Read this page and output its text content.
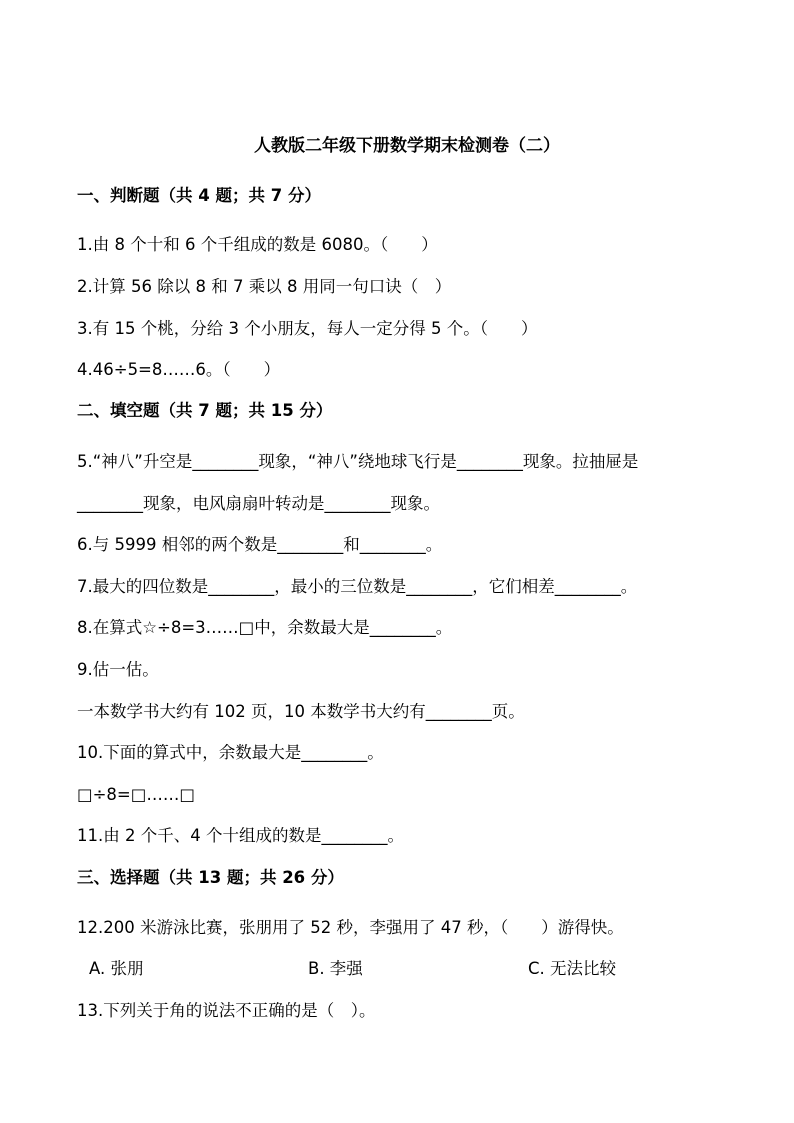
人教版二年级下册数学期末检测卷（二）
一、判断题（共 4 题；共 7 分）
1.由 8 个十和 6 个千组成的数是 6080。（　　）
2.计算 56 除以 8 和 7 乘以 8 用同一句口诀（　）
3.有 15 个桃，分给 3 个小朋友，每人一定分得 5 个。（　　）
4.46÷5=8……6。（　　）
二、填空题（共 7 题；共 15 分）
5.“神八”升空是________现象，“神八”绕地球飞行是________现象。拉抽屉是
________现象，电风扇扇叶转动是________现象。
6.与 5999 相邻的两个数是________和________。
7.最大的四位数是________，最小的三位数是________，它们相差________。
8.在算式☆÷8=3……□中，余数最大是________。
9.估一估。
一本数学书大约有 102 页，10 本数学书大约有________页。
10.下面的算式中，余数最大是________。
□÷8=□……□
11.由 2 个千、4 个十组成的数是________。
三、选择题（共 13 题；共 26 分）
12.200 米游泳比赛，张朋用了 52 秒，李强用了 47 秒，（　　）游得快。
A. 张朋	B. 李强	C. 无法比较
13.下列关于角的说法不正确的是（　）。
